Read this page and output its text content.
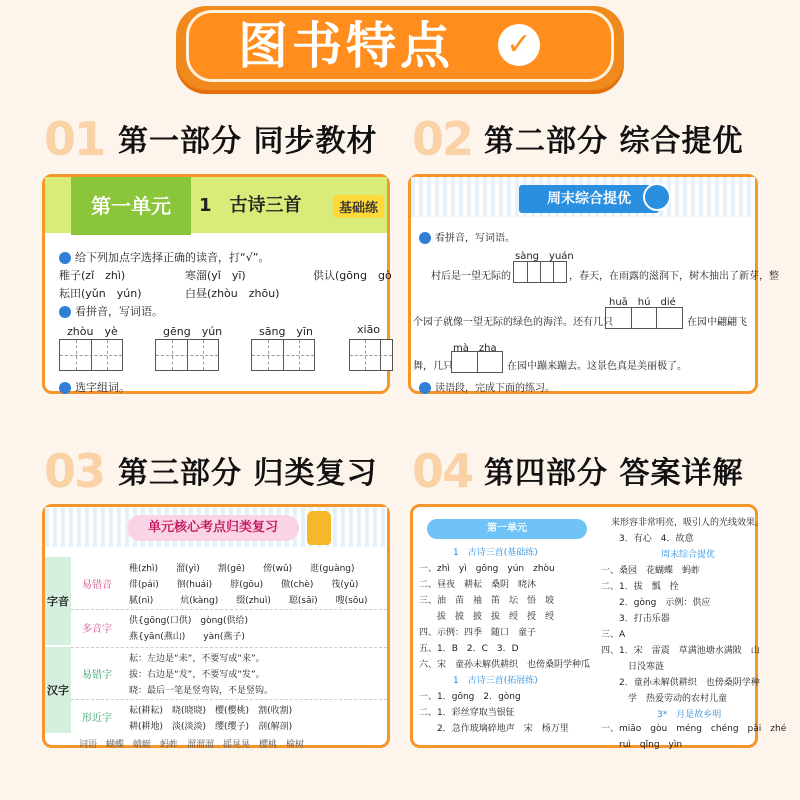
图书特点 ✓
01 第一部分 同步教材 02 第二部分 综合提优
03 第三部分 归类复习 04 第四部分 答案详解
第一单元	1　古诗三首	基础练
给下列加点字选择正确的读音，打“√”。
稚子(zǐ　zhì)	寒溜(yǐ　yī)	供认(gōng　gò
耘田(yǔn　yún)	白昼(zhòu　zhōu)
看拼音，写词语。
zhòu　yè	gēng　yún	sāng　yīn	xiāo
选字组词。
周末综合提优
看拼音，写词语。
sàng　yuán
村后是一望无际的	，春天，在雨露的滋润下，树木抽出了新芽，整
huā　hú　dié
个园子就像一望无际的绿色的海洋。还有几只	在园中翩翩飞
mà　zha
舞，几只	在园中蹦来蹦去。这景色真是美丽极了。
读语段，完成下面的练习。
单元核心考点归类复习
字音
易错音
稚(zhì)　　溜(yì)　　割(gē)　　傍(wǔ)　　逛(guàng)
徘(pái)　　徊(huái)　　脖(gōu)　　傲(chè)　　筏(yǔ)
腻(nì)　　　炕(kàng)　　缀(zhuì)　　聪(sāi)　　嗖(sōu)
多音字
供{gōng(口供)　gòng(供给)
燕{yān(燕山)　　yàn(燕子)
汉字
易错字
耘：左边是“耒”，不要写成“来”。
拔：右边是“犮”，不要写成“发”。
晓：最后一笔是竖弯钩，不是竖钩。
形近字
耘(耕耘)　晓(晓晓)　樱(樱桃)　割(收割)
耕(耕地)　淡(淡淡)　缨(缨子)　剖(解剖)
词语　蝴蝶　蜻蜓　蚂蚱　溜溜溜　摇晃晃　樱桃　榆树
第一单元
1　古诗三首(基础练)
一、zhì　yì　gōng　yún　zhòu
二、昼夜　耕耘　桑阴　晓沐
三、油　苗　袖　笛　坛　悟　坡
　　拔　披　披　拔　绶　授　绶
四、示例：四季　随口　童子
五、1．B　2．C　3．D
六、宋　童孙未解供耕织　也傍桑阴学种瓜
1　古诗三首(拓展练)
一、1．gōng　2．gòng
二、1．彩丝穿取当银钲
　　2．急作玻璃碎地声　宋　杨万里
来形容非常明亮，吸引人的光线效果。
3．有心　4．故意
周末综合提优
一、桑园　花蝴蝶　蚂蚱
二、1．拔　瓢　拴
　　2．gòng　示例：供应
　　3．打击乐器
三、A
四、1．宋　雷震　草满池塘水满陂　山
　　　日没寒涟
　　2．童孙未解供耕织　也傍桑阴学种
　　　学　热爱劳动的农村儿童
3*　月是故乡明
一、miāo　gòu　méng　chéng　pāi　zhé
　　ruì　qǐng　yìn
